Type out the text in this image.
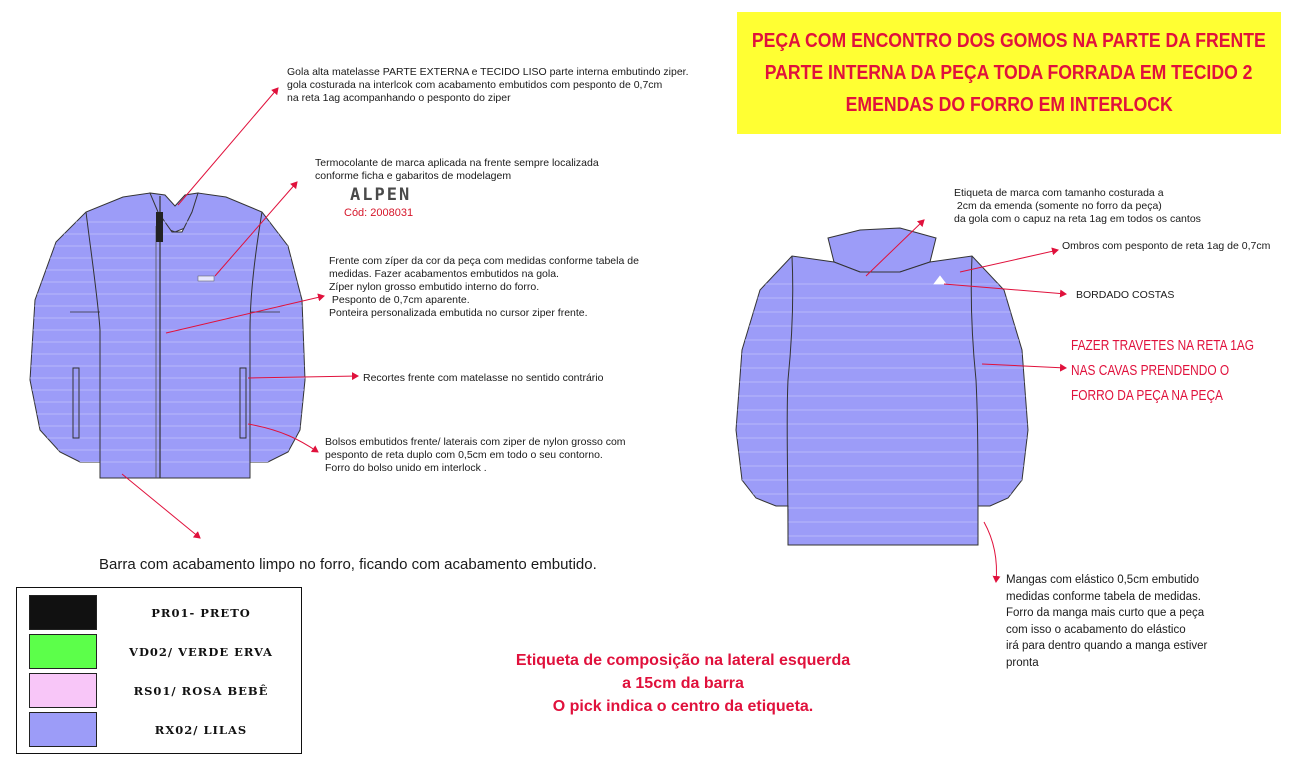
PEÇA COM ENCONTRO DOS GOMOS NA PARTE DA FRENTE
PARTE INTERNA DA PEÇA TODA FORRADA EM TECIDO 2
EMENDAS DO FORRO EM INTERLOCK
Gola alta matelasse PARTE EXTERNA e TECIDO LISO parte interna embutindo ziper.
gola costurada na interlcok com acabamento embutidos com pesponto de 0,7cm
na reta 1ag acompanhando o pesponto do ziper
Termocolante de marca aplicada na frente sempre localizada
conforme ficha e gabaritos de modelagem
ALPEN
Cód: 2008031
Frente com zíper da cor da peça com medidas conforme tabela de
medidas. Fazer acabamentos embutidos na gola.
Zíper nylon grosso embutido interno do forro.
Pesponto de 0,7cm aparente.
Ponteira personalizada embutida no cursor ziper frente.
Recortes frente com matelasse no sentido contrário
Bolsos embutidos frente/ laterais com ziper de nylon grosso com
pesponto de reta duplo com 0,5cm em todo o seu contorno.
Forro do bolso unido em interlock .
Barra com acabamento limpo no forro, ficando com acabamento embutido.
Etiqueta de marca com tamanho costurada a
2cm da emenda (somente no forro da peça)
da gola com o capuz na reta 1ag em todos os cantos
Ombros com pesponto de reta 1ag de 0,7cm
BORDADO COSTAS
FAZER TRAVETES NA RETA 1AG
NAS CAVAS PRENDENDO O
FORRO DA PEÇA NA PEÇA
Mangas com elástico 0,5cm embutido
medidas conforme tabela de medidas.
Forro da manga mais curto que a peça
com isso o acabamento do elástico
irá para dentro quando a manga estiver
pronta
Etiqueta de composição na lateral esquerda
a 15cm da barra
O pick indica o centro da etiqueta.
PR01- PRETO
VD02/ VERDE ERVA
RS01/ ROSA BEBÊ
RX02/ LILAS
